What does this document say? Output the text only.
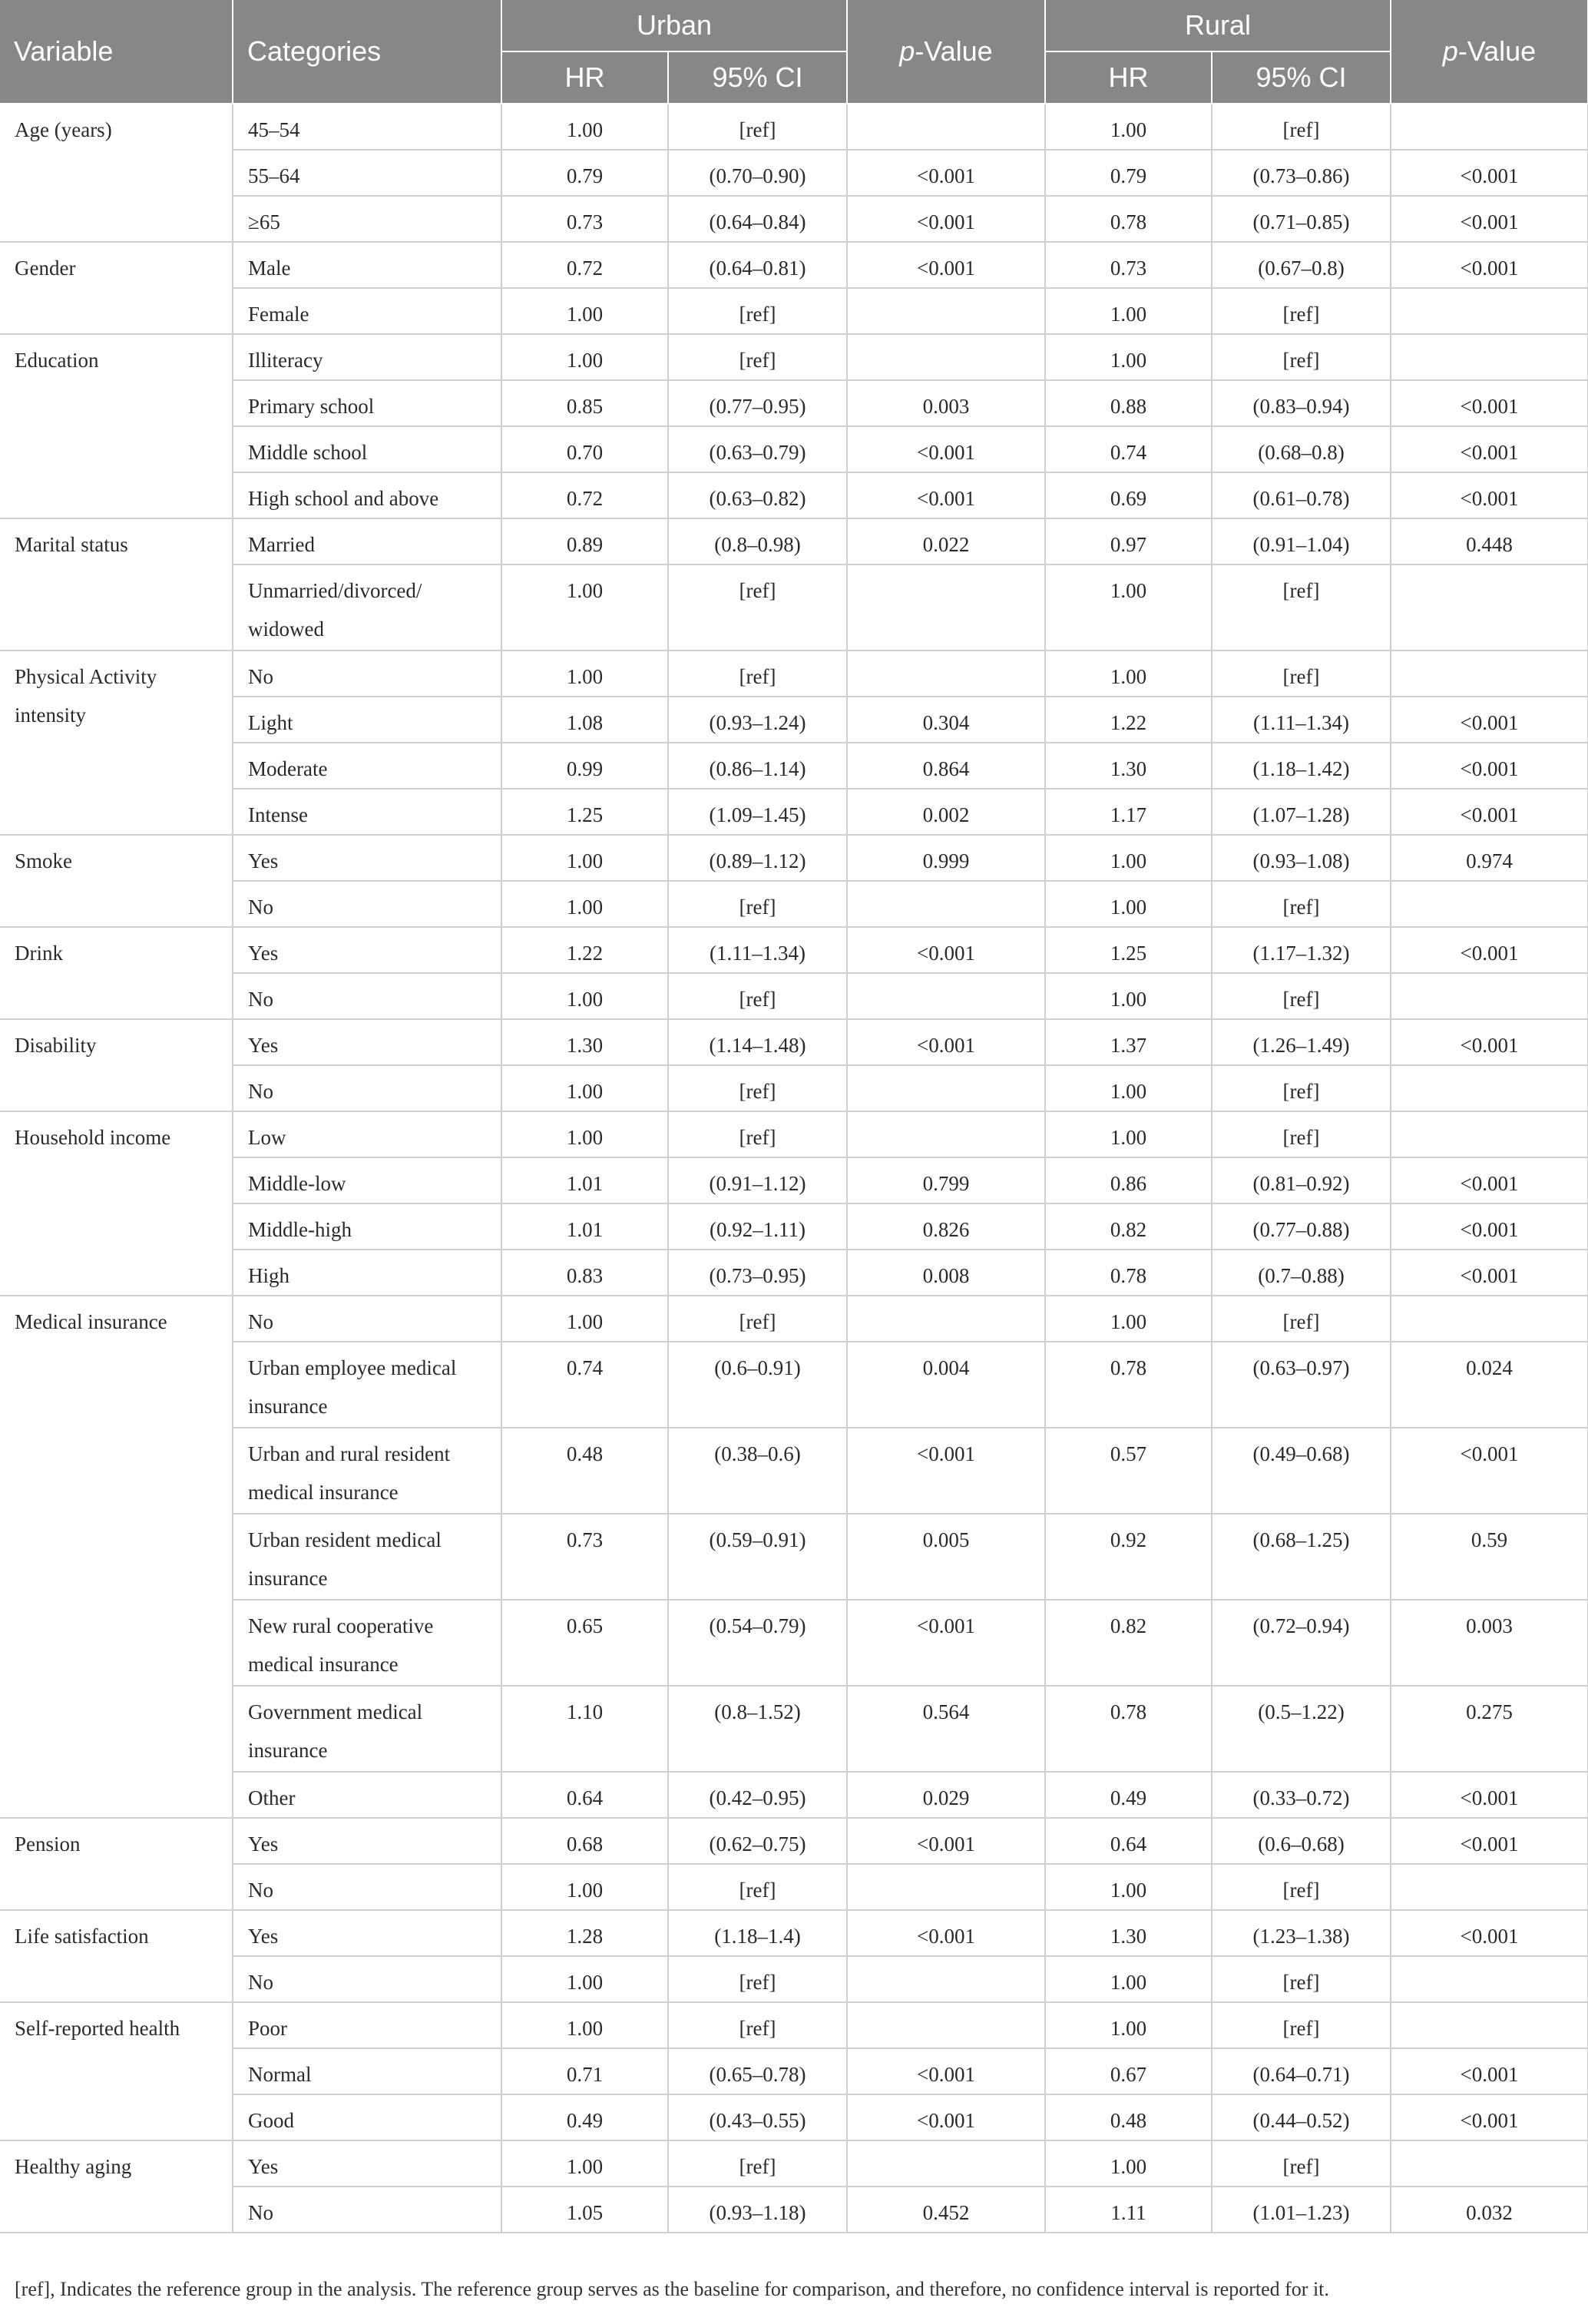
Variable	Categories	Urban		p-Value	Rural		p-Value
		HR	95% CI		HR	95% CI	
Age (years)	45–54	1.00	[ref]		1.00	[ref]	
	55–64	0.79	(0.70–0.90)	<0.001	0.79	(0.73–0.86)	<0.001
	≥65	0.73	(0.64–0.84)	<0.001	0.78	(0.71–0.85)	<0.001
Gender	Male	0.72	(0.64–0.81)	<0.001	0.73	(0.67–0.8)	<0.001
	Female	1.00	[ref]		1.00	[ref]	
Education	Illiteracy	1.00	[ref]		1.00	[ref]	
	Primary school	0.85	(0.77–0.95)	0.003	0.88	(0.83–0.94)	<0.001
	Middle school	0.70	(0.63–0.79)	<0.001	0.74	(0.68–0.8)	<0.001
	High school and above	0.72	(0.63–0.82)	<0.001	0.69	(0.61–0.78)	<0.001
Marital status	Married	0.89	(0.8–0.98)	0.022	0.97	(0.91–1.04)	0.448
	Unmarried/divorced/
widowed	1.00	[ref]		1.00	[ref]	
Physical Activity
intensity	No	1.00	[ref]		1.00	[ref]	
	Light	1.08	(0.93–1.24)	0.304	1.22	(1.11–1.34)	<0.001
	Moderate	0.99	(0.86–1.14)	0.864	1.30	(1.18–1.42)	<0.001
	Intense	1.25	(1.09–1.45)	0.002	1.17	(1.07–1.28)	<0.001
Smoke	Yes	1.00	(0.89–1.12)	0.999	1.00	(0.93–1.08)	0.974
	No	1.00	[ref]		1.00	[ref]	
Drink	Yes	1.22	(1.11–1.34)	<0.001	1.25	(1.17–1.32)	<0.001
	No	1.00	[ref]		1.00	[ref]	
Disability	Yes	1.30	(1.14–1.48)	<0.001	1.37	(1.26–1.49)	<0.001
	No	1.00	[ref]		1.00	[ref]	
Household income	Low	1.00	[ref]		1.00	[ref]	
	Middle-low	1.01	(0.91–1.12)	0.799	0.86	(0.81–0.92)	<0.001
	Middle-high	1.01	(0.92–1.11)	0.826	0.82	(0.77–0.88)	<0.001
	High	0.83	(0.73–0.95)	0.008	0.78	(0.7–0.88)	<0.001
Medical insurance	No	1.00	[ref]		1.00	[ref]	
	Urban employee medical
insurance	0.74	(0.6–0.91)	0.004	0.78	(0.63–0.97)	0.024
	Urban and rural resident
medical insurance	0.48	(0.38–0.6)	<0.001	0.57	(0.49–0.68)	<0.001
	Urban resident medical
insurance	0.73	(0.59–0.91)	0.005	0.92	(0.68–1.25)	0.59
	New rural cooperative
medical insurance	0.65	(0.54–0.79)	<0.001	0.82	(0.72–0.94)	0.003
	Government medical
insurance	1.10	(0.8–1.52)	0.564	0.78	(0.5–1.22)	0.275
	Other	0.64	(0.42–0.95)	0.029	0.49	(0.33–0.72)	<0.001
Pension	Yes	0.68	(0.62–0.75)	<0.001	0.64	(0.6–0.68)	<0.001
	No	1.00	[ref]		1.00	[ref]	
Life satisfaction	Yes	1.28	(1.18–1.4)	<0.001	1.30	(1.23–1.38)	<0.001
	No	1.00	[ref]		1.00	[ref]	
Self-reported health	Poor	1.00	[ref]		1.00	[ref]	
	Normal	0.71	(0.65–0.78)	<0.001	0.67	(0.64–0.71)	<0.001
	Good	0.49	(0.43–0.55)	<0.001	0.48	(0.44–0.52)	<0.001
Healthy aging	Yes	1.00	[ref]		1.00	[ref]	
	No	1.05	(0.93–1.18)	0.452	1.11	(1.01–1.23)	0.032
[ref], Indicates the reference group in the analysis. The reference group serves as the baseline for comparison, and therefore, no confidence interval is reported for it.
